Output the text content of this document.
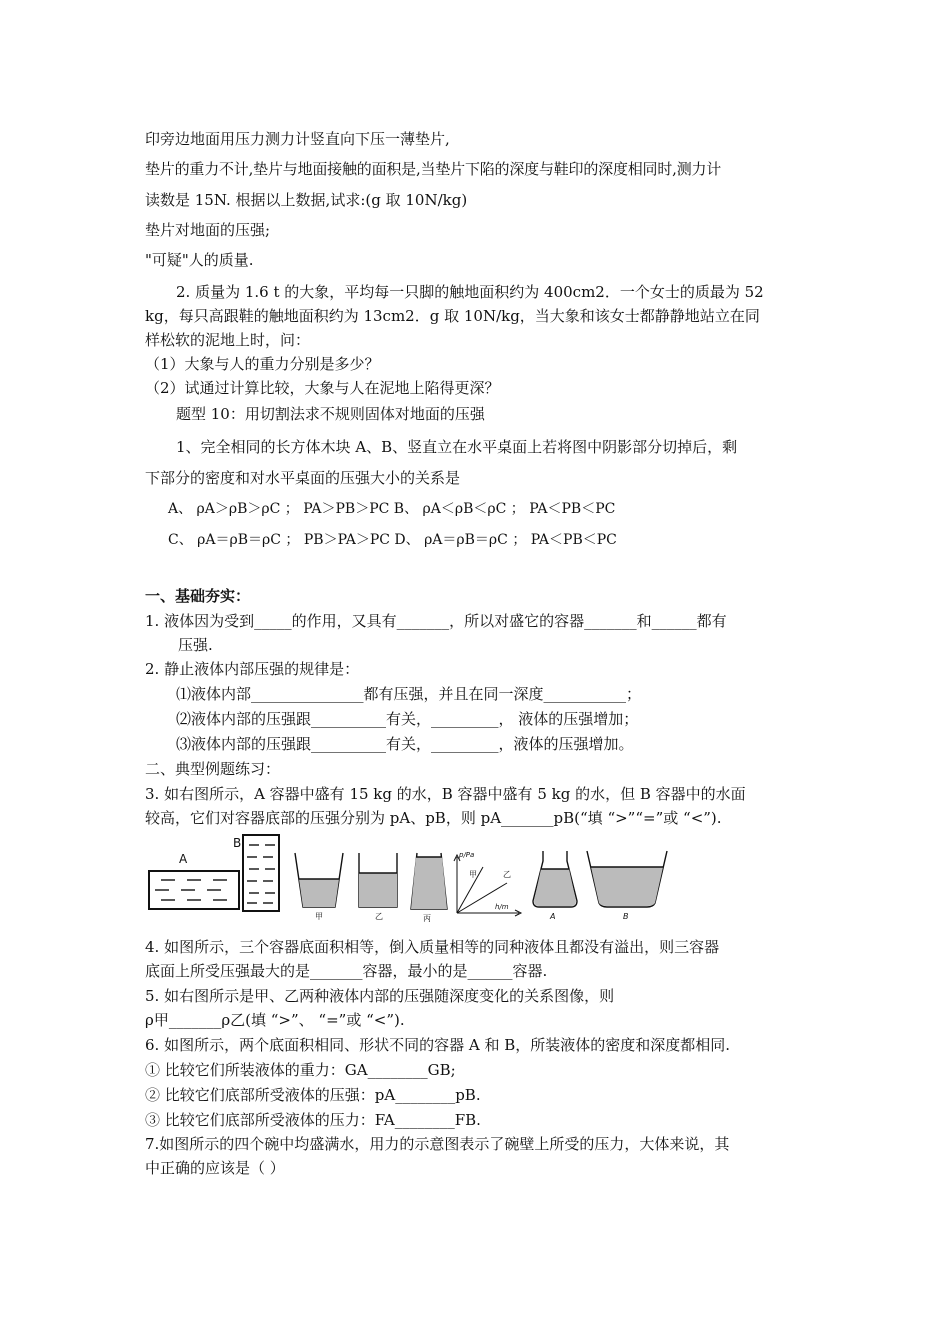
印旁边地面用压力测力计竖直向下压一薄垫片,
垫片的重力不计,垫片与地面接触的面积是,当垫片下陷的深度与鞋印的深度相同时,测力计
读数是 15N. 根据以上数据,试求:(g 取 10N/kg)
垫片对地面的压强;
"可疑"人的质量.
2. 质量为 1.6 t 的大象，平均每一只脚的触地面积约为 400cm2．一个女士的质最为 52
kg，每只高跟鞋的触地面积约为 13cm2．g 取 10N/kg，当大象和该女士都静静地站立在同
样松软的泥地上时，问：
（1）大象与人的重力分别是多少？
（2）试通过计算比较，大象与人在泥地上陷得更深？
题型 10：用切割法求不规则固体对地面的压强
1、完全相同的长方体木块 A、B、竖直立在水平桌面上若将图中阴影部分切掉后，剩
下部分的密度和对水平桌面的压强大小的关系是
A、 ρA＞ρB＞ρC ； PA＞PB＞PC B、 ρA＜ρB＜ρC ； PA＜PB＜PC
C、 ρA＝ρB＝ρC ； PB＞PA＞PC D、 ρA＝ρB＝ρC ； PA＜PB＜PC
一、基础夯实：
1. 液体因为受到_____的作用，又具有_______，所以对盛它的容器_______和______都有
压强.
2. 静止液体内部压强的规律是：
⑴液体内部_______________都有压强，并且在同一深度___________；
⑵液体内部的压强跟__________有关，_________， 液体的压强增加；
⑶液体内部的压强跟__________有关，_________，液体的压强增加。
二、典型例题练习：
3. 如右图所示，A 容器中盛有 15 kg 的水，B 容器中盛有 5 kg 的水，但 B 容器中的水面
较高，它们对容器底部的压强分别为 pA、pB，则 pA_______pB(“填 “>”“=”或 “<”).
A
B
甲	乙	丙
p/Pa
h/m
甲	乙
A	B
4. 如图所示，三个容器底面积相等，倒入质量相等的同种液体且都没有溢出，则三容器
底面上所受压强最大的是_______容器，最小的是______容器.
5. 如右图所示是甲、乙两种液体内部的压强随深度变化的关系图像，则
ρ甲_______ρ乙(填 “>”、 “=”或 “<”).
6. 如图所示，两个底面积相同、形状不同的容器 A 和 B，所装液体的密度和深度都相同.
① 比较它们所装液体的重力：GA________GB;
② 比较它们底部所受液体的压强：pA________pB.
③ 比较它们底部所受液体的压力：FA________FB.
7.如图所示的四个碗中均盛满水，用力的示意图表示了碗壁上所受的压力，大体来说，其
中正确的应该是（ ）
